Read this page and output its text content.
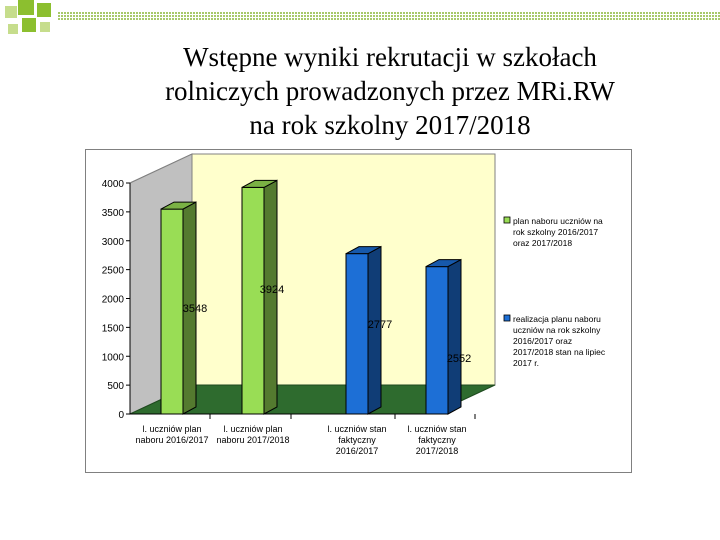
Wstępne wyniki rekrutacji w szkołach
rolniczych prowadzonych przez MRi.RW
na rok szkolny 2017/2018
0
500
1000
1500
2000
2500
3000
3500
4000
3548
3924
2777
2552
l. uczniów plan
naboru 2016/2017
l. uczniów plan
naboru 2017/2018
l. uczniów stan
faktyczny
2016/2017
l. uczniów stan
faktyczny
2017/2018
plan naboru uczniów na
rok szkolny 2016/2017
oraz 2017/2018
realizacja planu naboru
uczniów na rok szkolny
2016/2017 oraz
2017/2018 stan na lipiec
2017 r.
